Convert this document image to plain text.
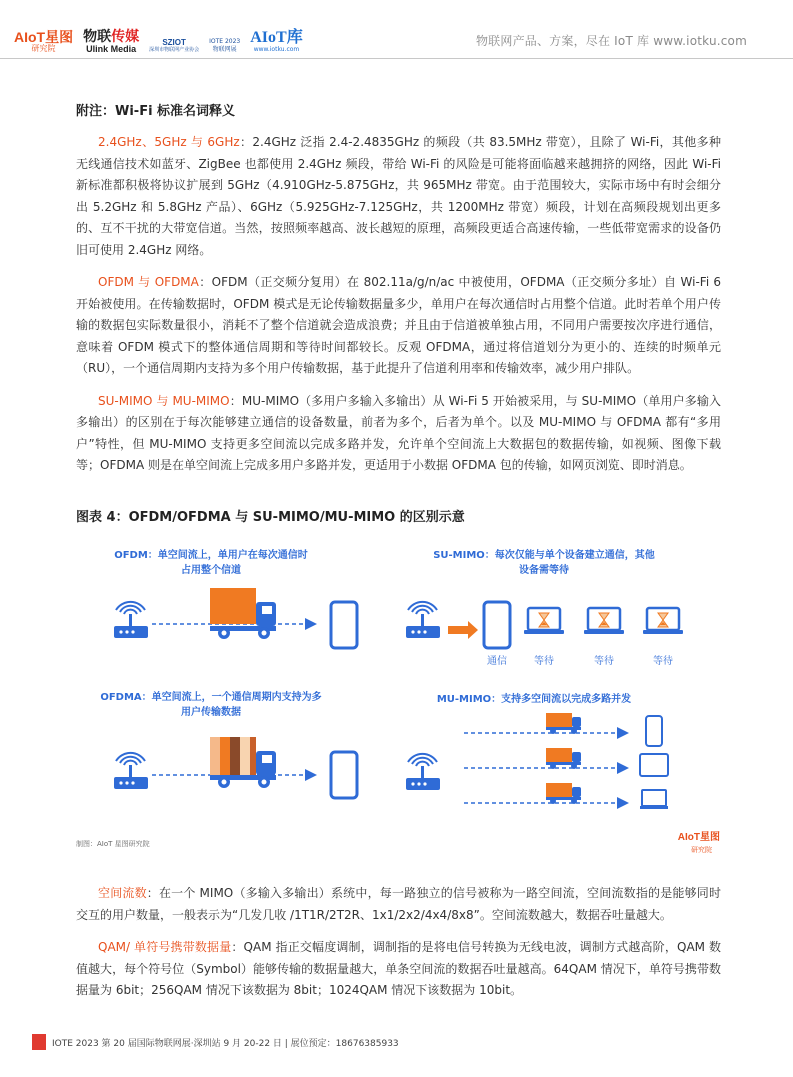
AIoT星图
研究院
物联传媒
Ulink Media
SZIOT
深圳市物联网产业协会
IOTE 2023
物联网展
AIoT库
www.iotku.com
物联网产品、方案，尽在 IoT 库 www.iotku.com
附注：Wi-Fi 标准名词释义

2.4GHz、5GHz 与 6GHz：2.4GHz 泛指 2.4-2.4835GHz 的频段（共 83.5MHz 带宽），且除了 Wi-Fi，其他多种无线通信技术如蓝牙、ZigBee 也都使用 2.4GHz 频段，带给 Wi-Fi 的风险是可能将面临越来越拥挤的网络，因此 Wi-Fi 新标准都积极将协议扩展到 5GHz（4.910GHz-5.875GHz，共 965MHz 带宽。由于范围较大，实际市场中有时会细分出 5.2GHz 和 5.8GHz 产品）、6GHz（5.925GHz-7.125GHz，共 1200MHz 带宽）频段，计划在高频段规划出更多的、互不干扰的大带宽信道。当然，按照频率越高、波长越短的原理，高频段更适合高速传输，一些低带宽需求的设备仍旧可使用 2.4GHz 网络。

OFDM 与 OFDMA：OFDM（正交频分复用）在 802.11a/g/n/ac 中被使用，OFDMA（正交频分多址）自 Wi-Fi 6 开始被使用。在传输数据时，OFDM 模式是无论传输数据量多少，单用户在每次通信时占用整个信道。此时若单个用户传输的数据包实际数量很小，消耗不了整个信道就会造成浪费；并且由于信道被单独占用，不同用户需要按次序进行通信，意味着 OFDM 模式下的整体通信周期和等待时间都较长。反观 OFDMA，通过将信道划分为更小的、连续的时频单元（RU），一个通信周期内支持为多个用户传输数据，基于此提升了信道利用率和传输效率，减少用户排队。

SU-MIMO 与 MU-MIMO：MU-MIMO（多用户多输入多输出）从 Wi-Fi 5 开始被采用，与 SU-MIMO（单用户多输入多输出）的区别在于每次能够建立通信的设备数量，前者为多个，后者为单个。以及 MU-MIMO 与 OFDMA 都有“多用户”特性，但 MU-MIMO 支持更多空间流以完成多路并发，允许单个空间流上大数据包的数据传输，如视频、图像下载等；OFDMA 则是在单空间流上完成多用户多路并发，更适用于小数据 OFDMA 包的传输，如网页浏览、即时消息。

图表 4：OFDM/OFDMA 与 SU-MIMO/MU-MIMO 的区别示意
OFDM：单空间流上，单用户在每次通信时
占用整个信道
SU-MIMO：每次仅能与单个设备建立通信，其他
设备需等待
通信	等待	等待	等待
OFDMA：单空间流上，一个通信周期内支持为多
用户传输数据
MU-MIMO：支持多空间流以完成多路并发
制图：AIoT 星图研究院
AIoT星图
研究院

空间流数：在一个 MIMO（多输入多输出）系统中，每一路独立的信号被称为一路空间流，空间流数指的是能够同时交互的用户数量，一般表示为“几发几收 /1T1R/2T2R、1x1/2x2/4x4/8x8”。空间流数越大，数据吞吐量越大。

QAM/ 单符号携带数据量：QAM 指正交幅度调制，调制指的是将电信号转换为无线电波，调制方式越高阶，QAM 数值越大，每个符号位（Symbol）能够传输的数据量越大，单条空间流的数据吞吐量越高。64QAM 情况下，单符号携带数据量为 6bit；256QAM 情况下该数据为 8bit；1024QAM 情况下该数据为 10bit。

IOTE 2023 第 20 届国际物联网展·深圳站 9 月 20-22 日 | 展位预定：18676385933
